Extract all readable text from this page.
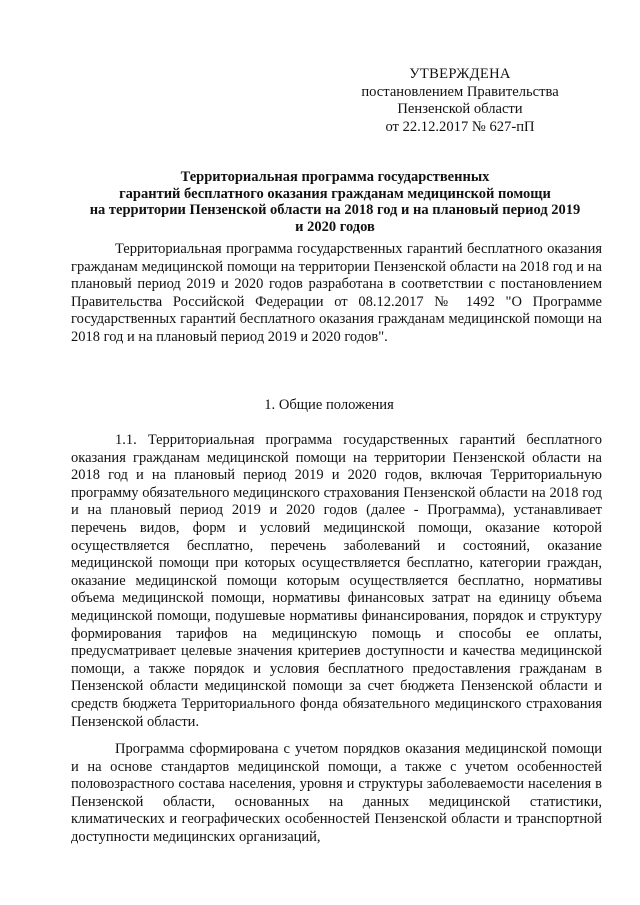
УТВЕРЖДЕНА
постановлением Правительства
Пензенской области
от 22.12.2017 № 627-пП
Территориальная программа государственных
гарантий бесплатного оказания гражданам медицинской помощи
на территории Пензенской области на 2018 год и на плановый период 2019
и 2020 годов

Территориальная программа государственных гарантий бесплатного оказания гражданам медицинской помощи на территории Пензенской области на 2018 год и на плановый период 2019 и 2020 годов разработана в соответствии с постановлением Правительства Российской Федерации от 08.12.2017 № 1492 "О Программе государственных гарантий бесплатного оказания гражданам медицинской помощи на 2018 год и на плановый период 2019 и 2020 годов".

1. Общие положения

1.1. Территориальная программа государственных гарантий бесплатного оказания гражданам медицинской помощи на территории Пензенской области на 2018 год и на плановый период 2019 и 2020 годов, включая Территориальную программу обязательного медицинского страхования Пензенской области на 2018 год и на плановый период 2019 и 2020 годов (далее - Программа), устанавливает перечень видов, форм и условий медицинской помощи, оказание которой осуществляется бесплатно, перечень заболеваний и состояний, оказание медицинской помощи при которых осуществляется бесплатно, категории граждан, оказание медицинской помощи которым осуществляется бесплатно, нормативы объема медицинской помощи, нормативы финансовых затрат на единицу объема медицинской помощи, подушевые нормативы финансирования, порядок и структуру формирования тарифов на медицинскую помощь и способы ее оплаты, предусматривает целевые значения критериев доступности и качества медицинской помощи, а также порядок и условия бесплатного предоставления гражданам в Пензенской области медицинской помощи за счет бюджета Пензенской области и средств бюджета Территориального фонда обязательного медицинского страхования Пензенской области.

Программа сформирована с учетом порядков оказания медицинской помощи и на основе стандартов медицинской помощи, а также с учетом особенностей половозрастного состава населения, уровня и структуры заболеваемости населения в Пензенской области, основанных на данных медицинской статистики, климатических и географических особенностей Пензенской области и транспортной доступности медицинских организаций,
